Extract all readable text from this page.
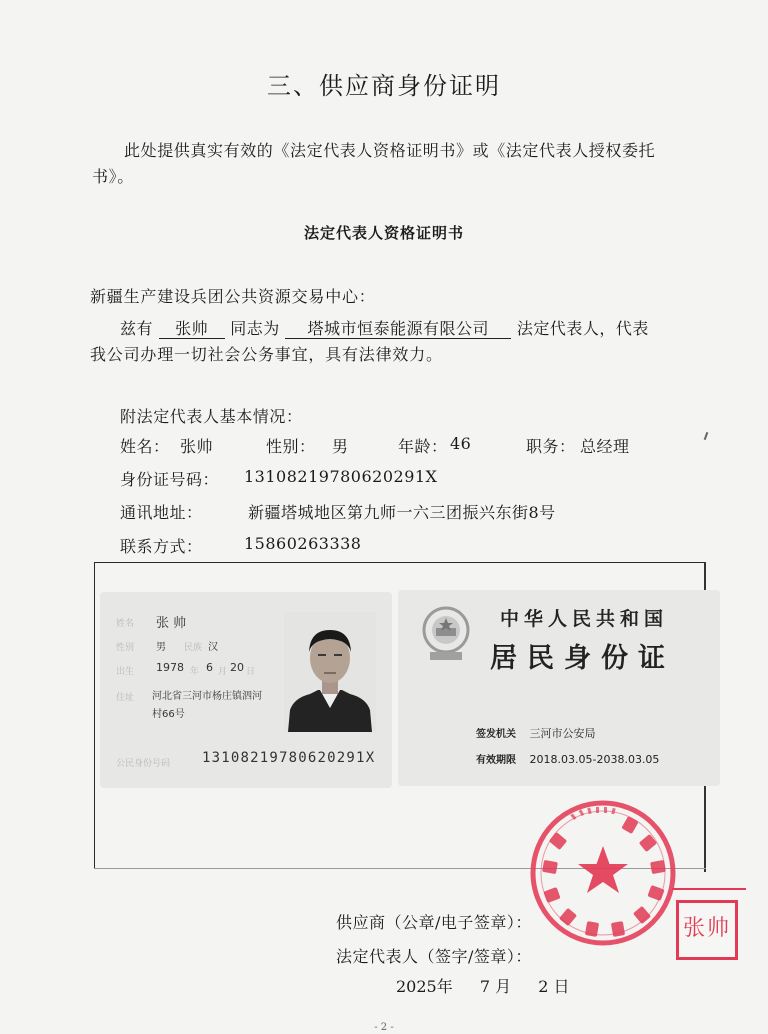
三、供应商身份证明
此处提供真实有效的《法定代表人资格证明书》或《法定代表人授权委托书》。
法定代表人资格证明书
新疆生产建设兵团公共资源交易中心：
兹有 张帅 同志为 塔城市恒泰能源有限公司 法定代表人，代表
我公司办理一切社会公务事宜，具有法律效力。
附法定代表人基本情况：
姓名： 张帅	性别： 男	年龄： 46	职务： 总经理
身份证号码： 13108219780620291X
通讯地址：	新疆塔城地区第九师一六三团振兴东街8号
联系方式：	15860263338
姓名 张 帅
性别 男 民族 汉
出生 1978 年 6 月 20 日
住址 河北省三河市杨庄镇泗河
村66号
公民身份号码 13108219780620291X
中华人民共和国
居民身份证
签发机关 三河市公安局
有效期限 2018.03.05-2038.03.05
供应商（公章/电子签章）：
法定代表人（签字/签章）：
2025年 7 月 2 日
张帅
- 2 -
